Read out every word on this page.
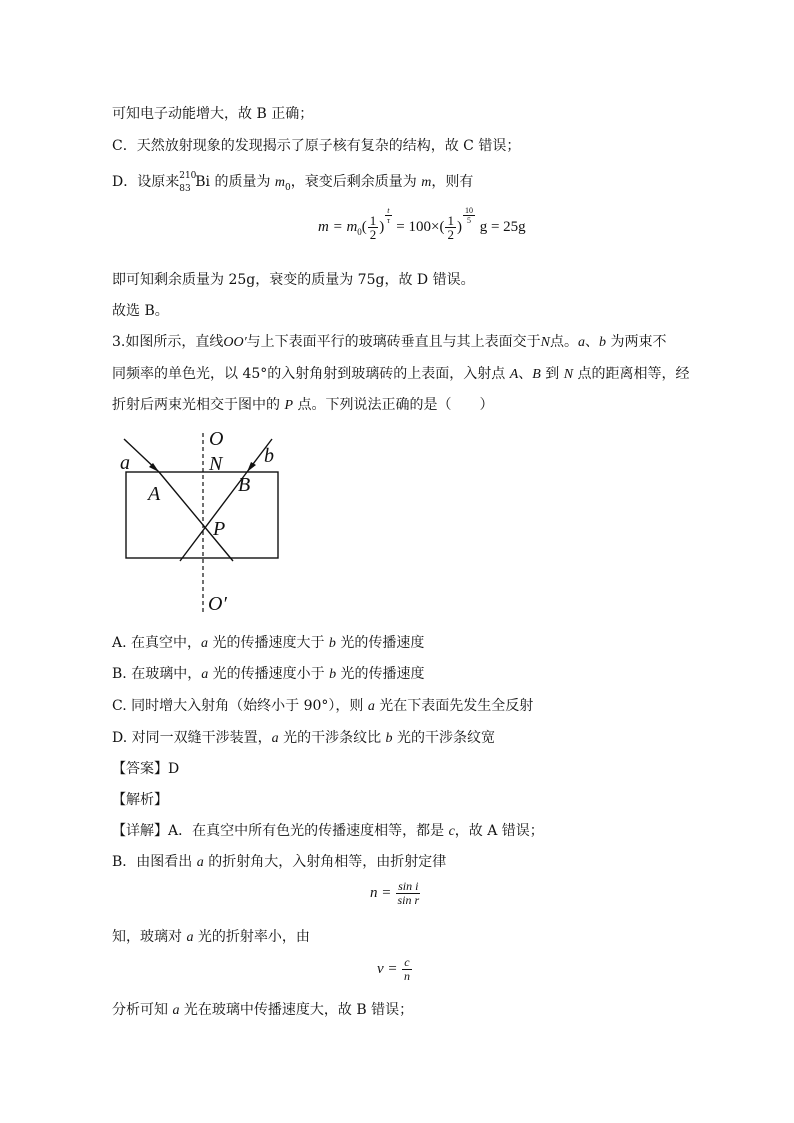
可知电子动能增大，故 B 正确；
C．天然放射现象的发现揭示了原子核有复杂的结构，故 C 错误；
D．设原来 210
83 Bi 的质量为 $m_0$，衰变后剩余质量为 m，则有
$m = m_0( \frac{1}{2}$ )
$\frac{t}{\tau}$
= $100\times( \frac{1}{2}$ )
$\frac{10}{5}$
g = 25g
即可知剩余质量为 25g，衰变的质量为 75g，故 D 错误。
故选 B。
3.如图所示，直线OO′与上下表面平行的玻璃砖垂直且与其上表面交于N点。a、b 为两束不
同频率的单色光，以 45°的入射角射到玻璃砖的上表面，入射点 A、B 到 N 点的距离相等，经
折射后两束光相交于图中的 P 点。下列说法正确的是（　　）
O
N
a	b
A	B
P
O′
A. 在真空中，a 光的传播速度大于 b 光的传播速度
B. 在玻璃中，a 光的传播速度小于 b 光的传播速度
C. 同时增大入射角（始终小于 90°），则 a 光在下表面先发生全反射
D. 对同一双缝干涉装置，a 光的干涉条纹比 b 光的干涉条纹宽
【答案】D
【解析】
【详解】A．在真空中所有色光的传播速度相等，都是 c，故 A 错误；
B．由图看出 a 的折射角大，入射角相等，由折射定律
$n = \frac{\text{sin i}}{\text{sin r}}$
知，玻璃对 a 光的折射率小，由
$v = \frac{c}{n}$
分析可知 a 光在玻璃中传播速度大，故 B 错误；
